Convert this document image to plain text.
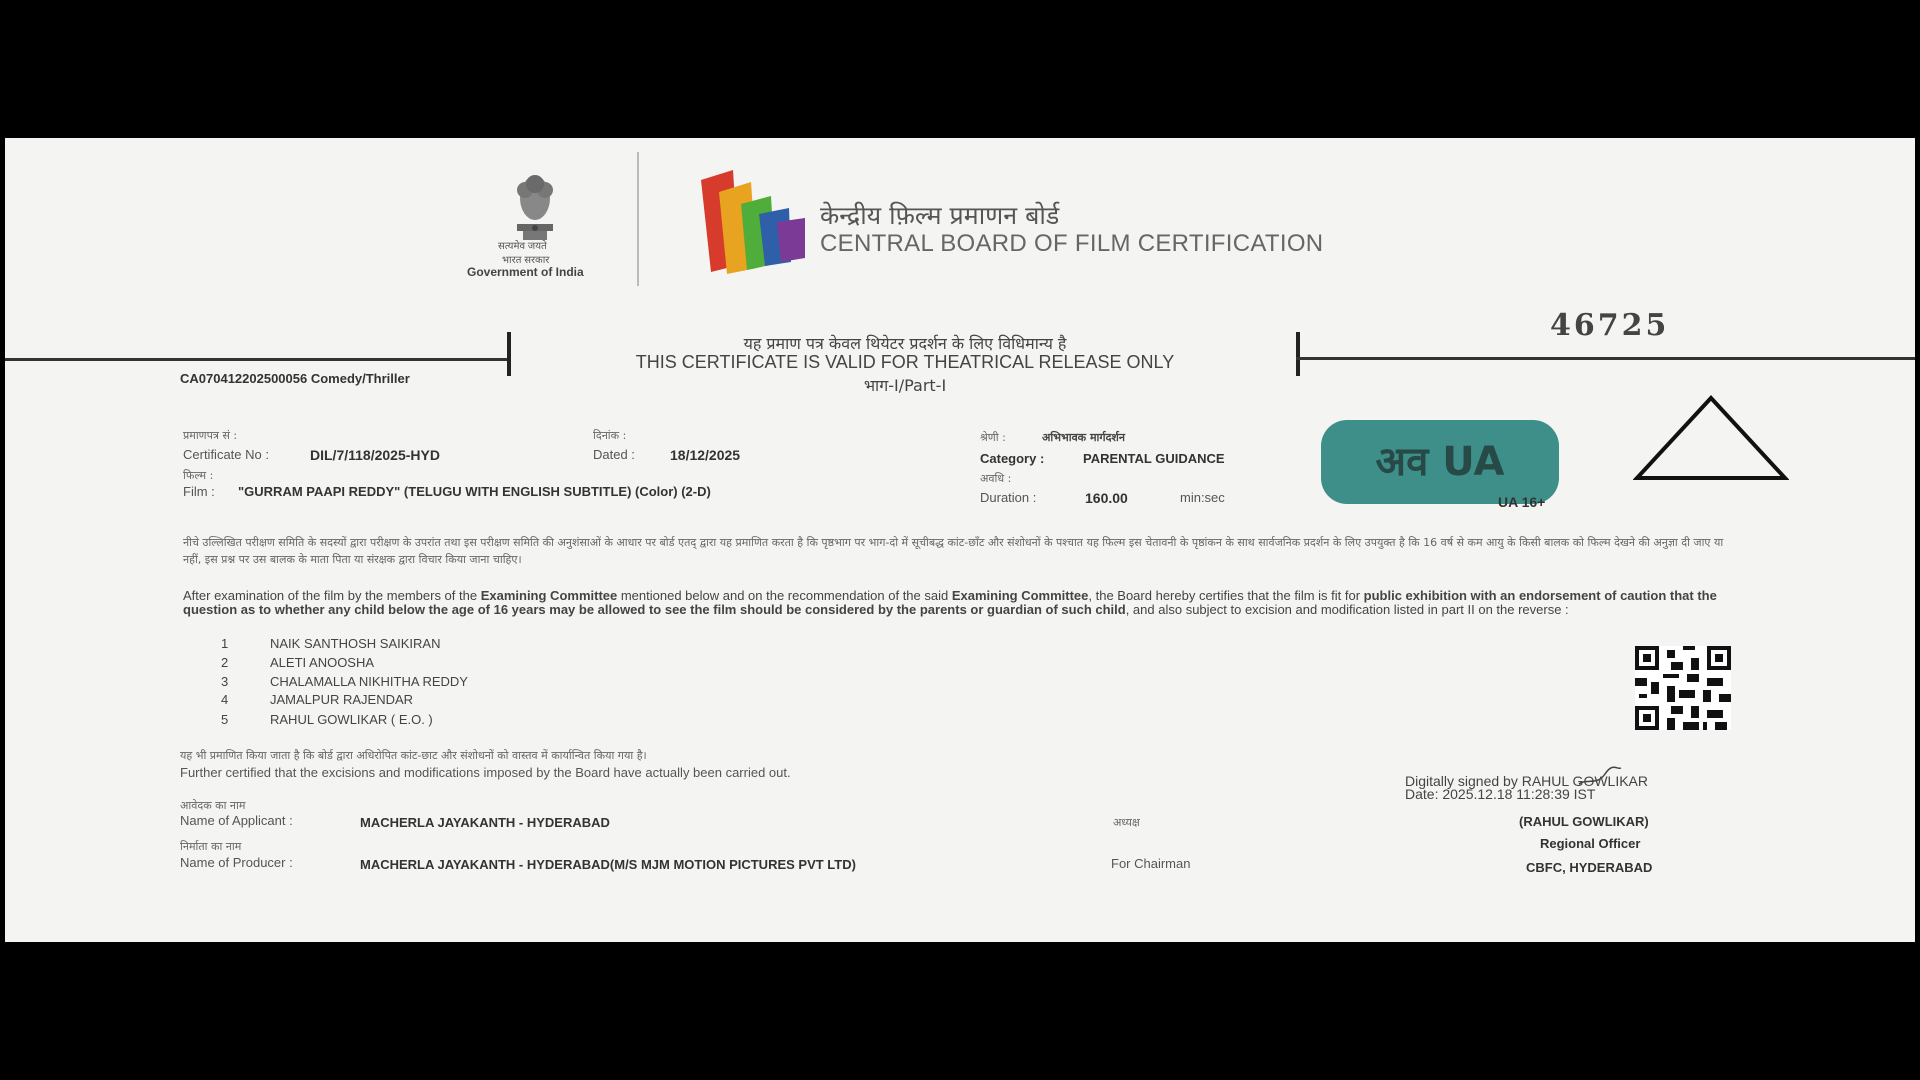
सत्यमेव जयते
भारत सरकार
Government of India
केन्द्रीय फ़िल्म प्रमाणन बोर्ड
CENTRAL BOARD OF FILM CERTIFICATION
यह प्रमाण पत्र केवल थियेटर प्रदर्शन के लिए विधिमान्य है
THIS CERTIFICATE IS VALID FOR THEATRICAL RELEASE ONLY
भाग-I/Part-I
46725
CA070412202500056 Comedy/Thriller
प्रमाणपत्र सं :
Certificate No :	DIL/7/118/2025-HYD
दिनांक :
Dated :	18/12/2025
श्रेणी :	अभिभावक मार्गदर्शन
Category :	PARENTAL GUIDANCE
फिल्म :
Film : "GURRAM PAAPI REDDY" (TELUGU WITH ENGLISH SUBTITLE) (Color) (2-D)
अवधि :
Duration :	160.00	min:sec
अव UA
UA 16+
नीचे उल्लिखित परीक्षण समिति के सदस्यों द्वारा परीक्षण के उपरांत तथा इस परीक्षण समिति की अनुशंसाओं के आधार पर बोर्ड एतद् द्वारा यह प्रमाणित करता है कि पृष्ठभाग पर भाग-दो में सूचीबद्ध कांट-छाँट और संशोधनों के पश्चात यह फिल्म इस चेतावनी के पृष्ठांकन के साथ सार्वजनिक प्रदर्शन के लिए उपयुक्त है कि 16 वर्ष से कम आयु के किसी बालक को फिल्म देखने की अनुज्ञा दी जाए या नहीं, इस प्रश्न पर उस बालक के माता पिता या संरक्षक द्वारा विचार किया जाना चाहिए।
After examination of the film by the members of the Examining Committee mentioned below and on the recommendation of the said Examining Committee, the Board hereby certifies that the film is fit for public exhibition with an endorsement of caution that the question as to whether any child below the age of 16 years may be allowed to see the film should be considered by the parents or guardian of such child, and also subject to excision and modification listed in part II on the reverse :
1	NAIK SANTHOSH SAIKIRAN
2	ALETI ANOOSHA
3	CHALAMALLA NIKHITHA REDDY
4	JAMALPUR RAJENDAR
5	RAHUL GOWLIKAR ( E.O. )
यह भी प्रमाणित किया जाता है कि बोर्ड द्वारा अधिरोपित कांट-छाट और संशोधनों को वास्तव में कार्यान्वित किया गया है।
Further certified that the excisions and modifications imposed by the Board have actually been carried out.
Digitally signed by RAHUL GOWLIKAR
Date: 2025.12.18 11:28:39 IST
आवेदक का नाम
Name of Applicant :	MACHERLA JAYAKANTH - HYDERABAD	अध्यक्ष	(RAHUL GOWLIKAR)
Regional Officer
CBFC, HYDERABAD
निर्माता का नाम
Name of Producer :	MACHERLA JAYAKANTH - HYDERABAD(M/S MJM MOTION PICTURES PVT LTD)	For Chairman
